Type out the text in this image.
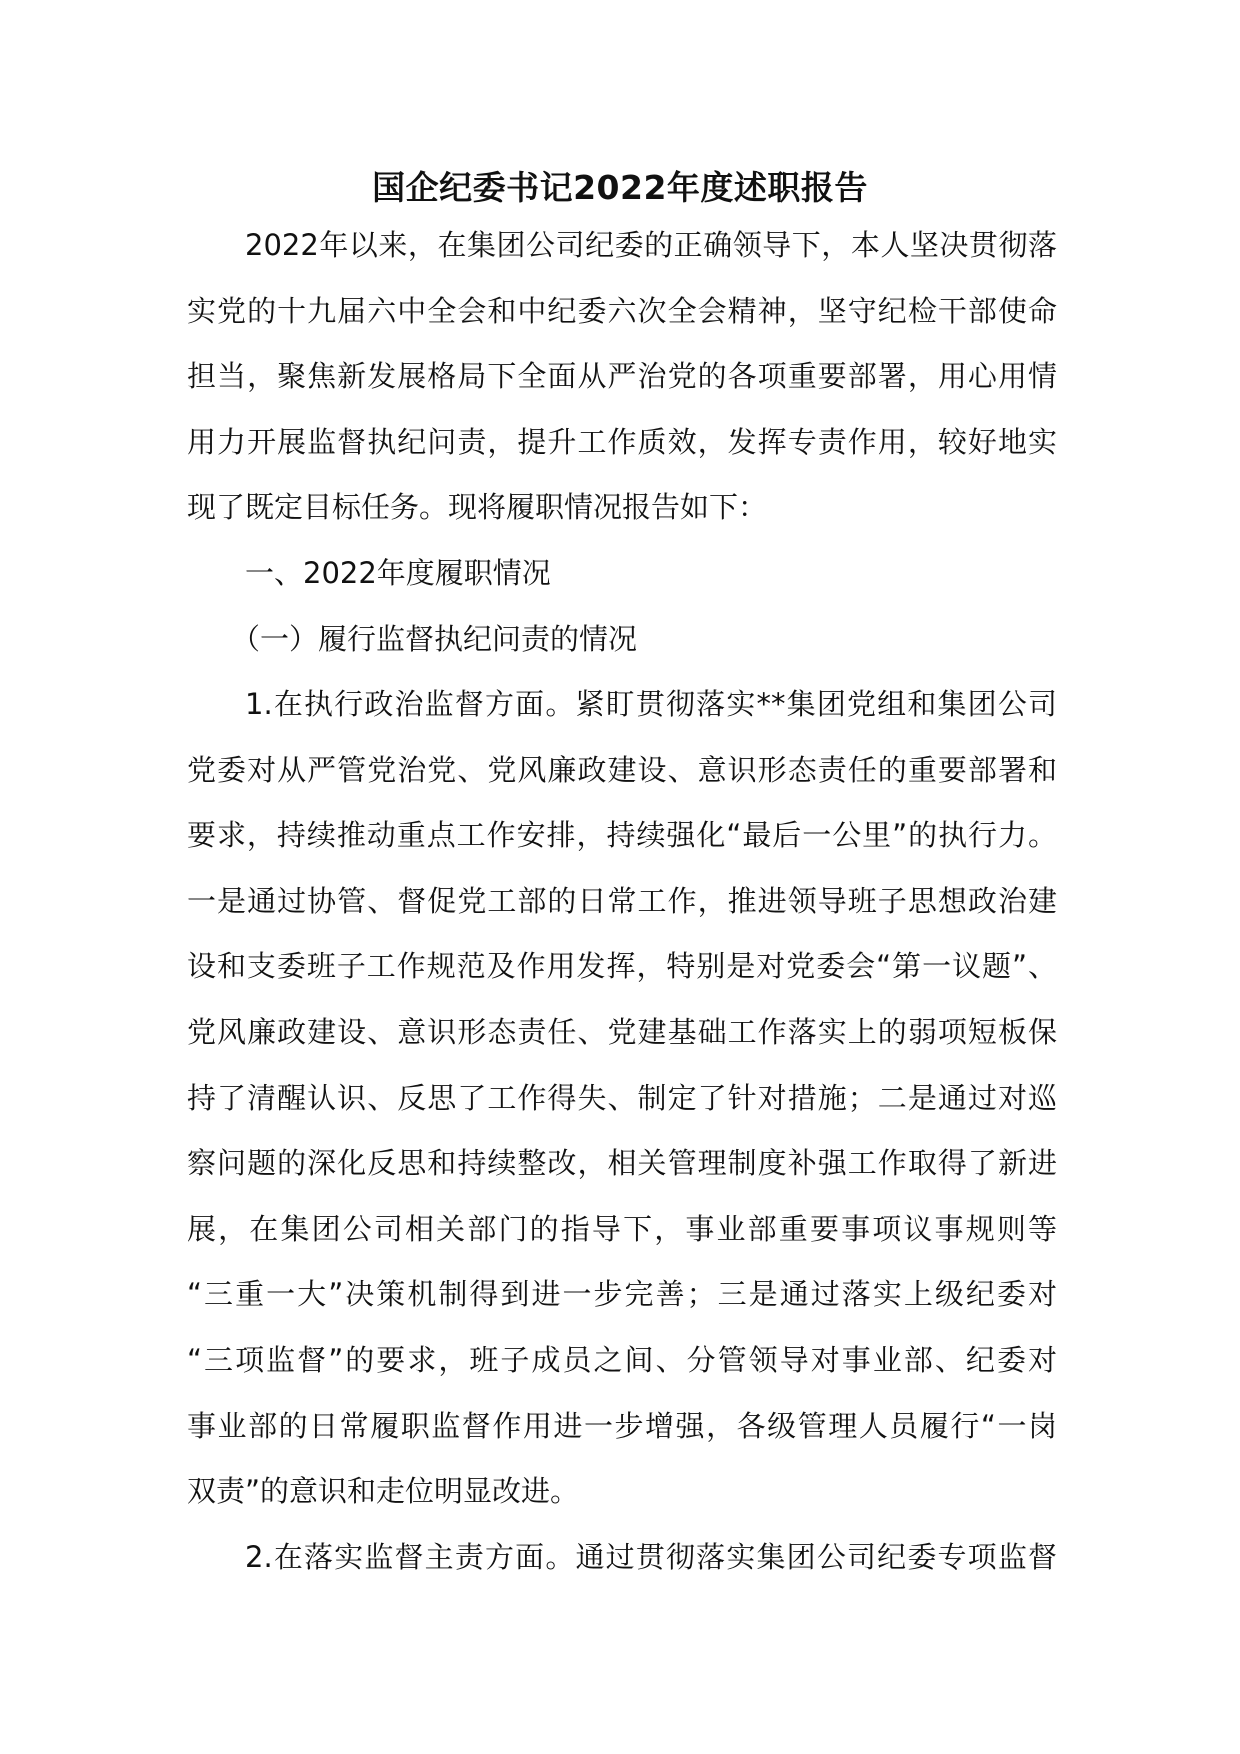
国企纪委书记2022年度述职报告
2022年以来，在集团公司纪委的正确领导下，本人坚决贯彻落
实党的十九届六中全会和中纪委六次全会精神，坚守纪检干部使命
担当，聚焦新发展格局下全面从严治党的各项重要部署，用心用情
用力开展监督执纪问责，提升工作质效，发挥专责作用，较好地实
现了既定目标任务。现将履职情况报告如下：
一、2022年度履职情况
（一）履行监督执纪问责的情况
1.在执行政治监督方面。紧盯贯彻落实**集团党组和集团公司
党委对从严管党治党、党风廉政建设、意识形态责任的重要部署和
要求，持续推动重点工作安排，持续强化“最后一公里”的执行力。
一是通过协管、督促党工部的日常工作，推进领导班子思想政治建
设和支委班子工作规范及作用发挥，特别是对党委会“第一议题”、
党风廉政建设、意识形态责任、党建基础工作落实上的弱项短板保
持了清醒认识、反思了工作得失、制定了针对措施；二是通过对巡
察问题的深化反思和持续整改，相关管理制度补强工作取得了新进
展，在集团公司相关部门的指导下，事业部重要事项议事规则等
“三重一大”决策机制得到进一步完善；三是通过落实上级纪委对
“三项监督”的要求，班子成员之间、分管领导对事业部、纪委对
事业部的日常履职监督作用进一步增强，各级管理人员履行“一岗
双责”的意识和走位明显改进。
2.在落实监督主责方面。通过贯彻落实集团公司纪委专项监督
